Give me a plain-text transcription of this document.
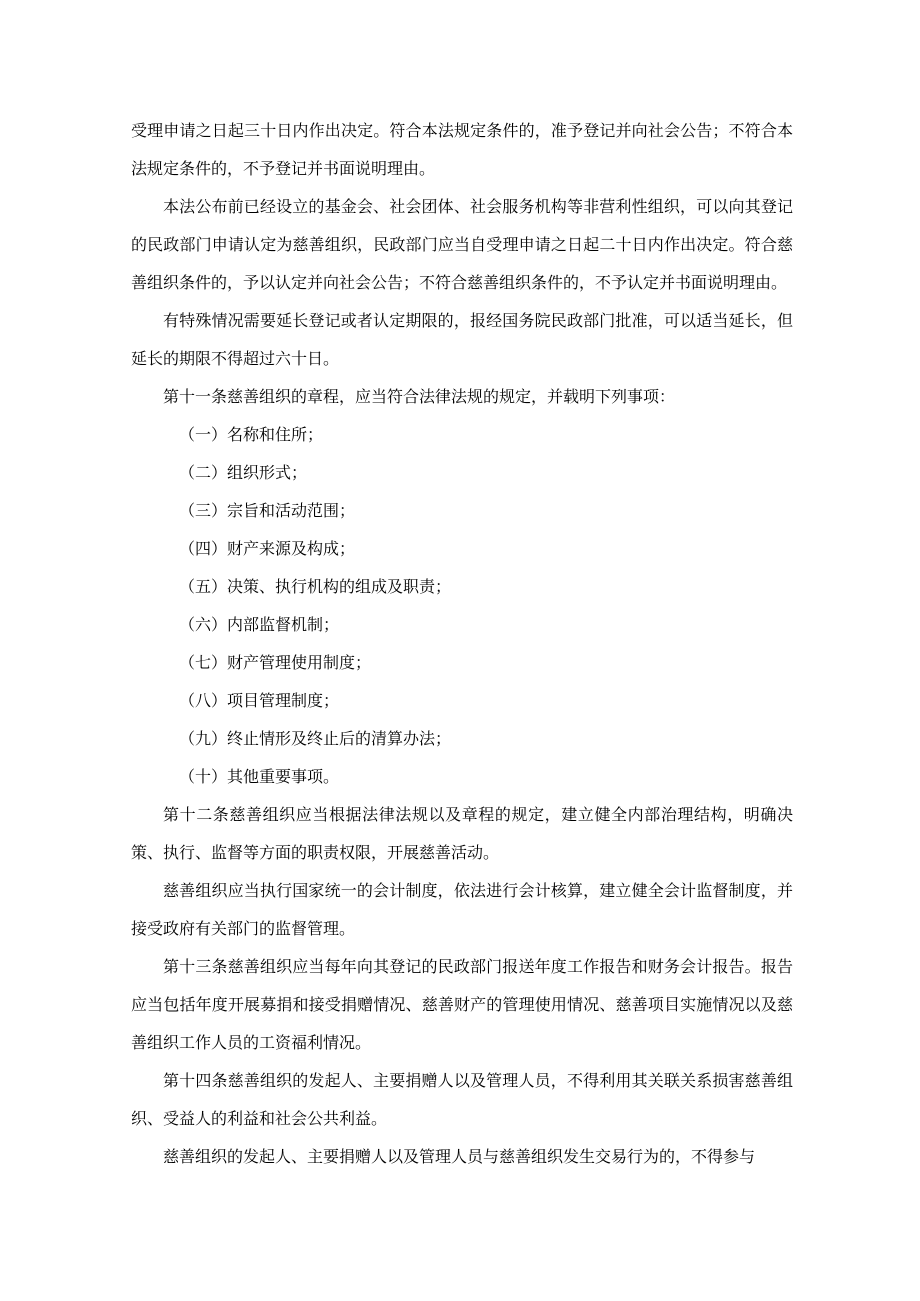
受理申请之日起三十日内作出决定。符合本法规定条件的，准予登记并向社会公告；不符合本法规定条件的，不予登记并书面说明理由。

本法公布前已经设立的基金会、社会团体、社会服务机构等非营利性组织，可以向其登记的民政部门申请认定为慈善组织，民政部门应当自受理申请之日起二十日内作出决定。符合慈善组织条件的，予以认定并向社会公告；不符合慈善组织条件的，不予认定并书面说明理由。

有特殊情况需要延长登记或者认定期限的，报经国务院民政部门批准，可以适当延长，但延长的期限不得超过六十日。

第十一条慈善组织的章程，应当符合法律法规的规定，并载明下列事项：

（一）名称和住所；

（二）组织形式；

（三）宗旨和活动范围；

（四）财产来源及构成；

（五）决策、执行机构的组成及职责；

（六）内部监督机制；

（七）财产管理使用制度；

（八）项目管理制度；

（九）终止情形及终止后的清算办法；

（十）其他重要事项。

第十二条慈善组织应当根据法律法规以及章程的规定，建立健全内部治理结构，明确决策、执行、监督等方面的职责权限，开展慈善活动。

慈善组织应当执行国家统一的会计制度，依法进行会计核算，建立健全会计监督制度，并接受政府有关部门的监督管理。

第十三条慈善组织应当每年向其登记的民政部门报送年度工作报告和财务会计报告。报告应当包括年度开展募捐和接受捐赠情况、慈善财产的管理使用情况、慈善项目实施情况以及慈善组织工作人员的工资福利情况。

第十四条慈善组织的发起人、主要捐赠人以及管理人员，不得利用其关联关系损害慈善组织、受益人的利益和社会公共利益。

慈善组织的发起人、主要捐赠人以及管理人员与慈善组织发生交易行为的，不得参与
